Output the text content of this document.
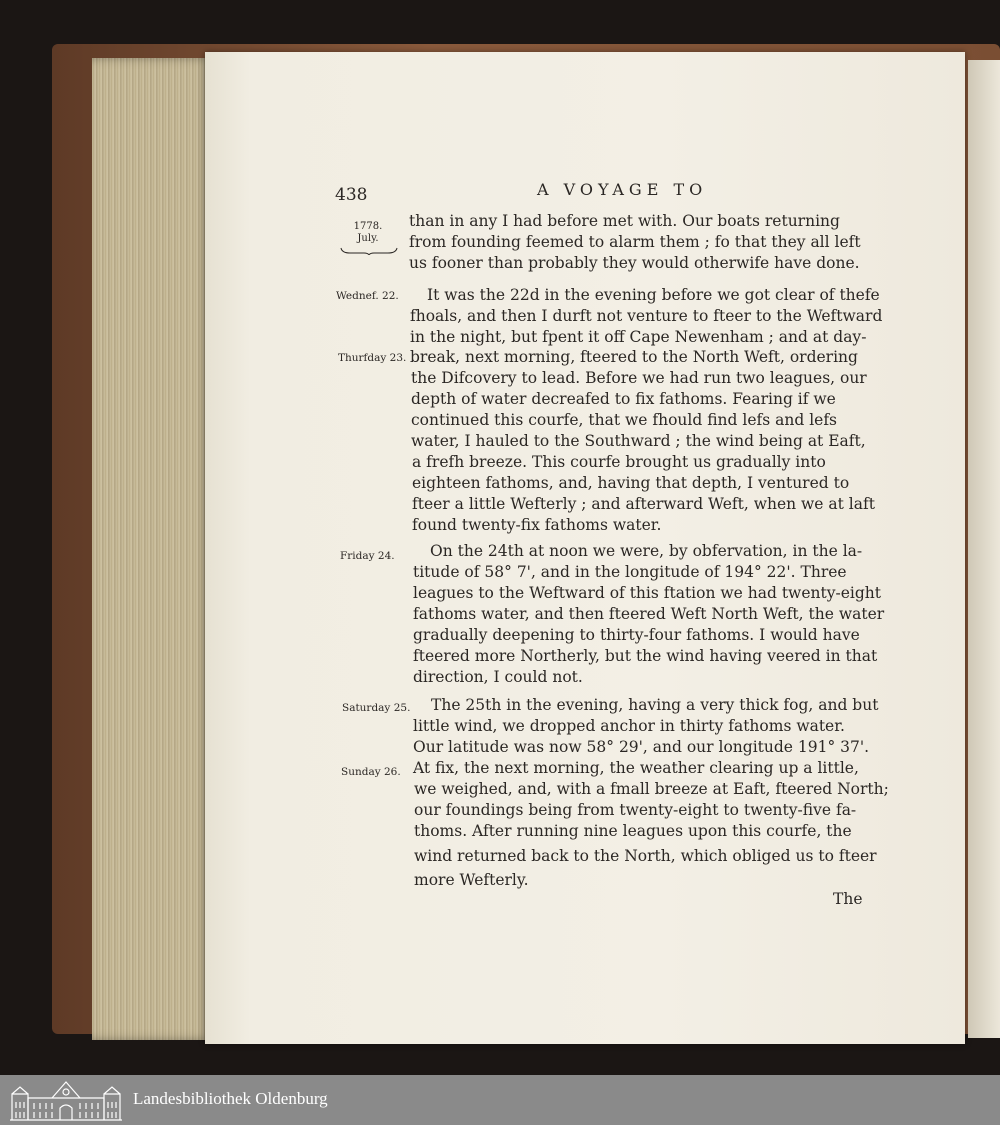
438	A VOYAGE TO
1778.
July.
Wednef. 22.
Thurfday 23.
Friday 24.
Saturday 25.
Sunday 26.
than in any I had before met with. Our boats returning
from founding feemed to alarm them ; fo that they all left
us fooner than probably they would otherwife have done.
It was the 22d in the evening before we got clear of thefe
fhoals, and then I durft not venture to fteer to the Weftward
in the night, but fpent it off Cape Newenham ; and at day-
break, next morning, fteered to the North Weft, ordering
the Difcovery to lead. Before we had run two leagues, our
depth of water decreafed to fix fathoms. Fearing if we
continued this courfe, that we fhould find lefs and lefs
water, I hauled to the Southward ; the wind being at Eaft,
a frefh breeze. This courfe brought us gradually into
eighteen fathoms, and, having that depth, I ventured to
fteer a little Wefterly ; and afterward Weft, when we at laft
found twenty-fix fathoms water.
On the 24th at noon we were, by obfervation, in the la-
titude of 58° 7', and in the longitude of 194° 22'. Three
leagues to the Weftward of this ftation we had twenty-eight
fathoms water, and then fteered Weft North Weft, the water
gradually deepening to thirty-four fathoms. I would have
fteered more Northerly, but the wind having veered in that
direction, I could not.
The 25th in the evening, having a very thick fog, and but
little wind, we dropped anchor in thirty fathoms water.
Our latitude was now 58° 29', and our longitude 191° 37'.
At fix, the next morning, the weather clearing up a little,
we weighed, and, with a fmall breeze at Eaft, fteered North;
our foundings being from twenty-eight to twenty-five fa-
thoms. After running nine leagues upon this courfe, the
wind returned back to the North, which obliged us to fteer
more Wefterly.
The
Landesbibliothek Oldenburg
